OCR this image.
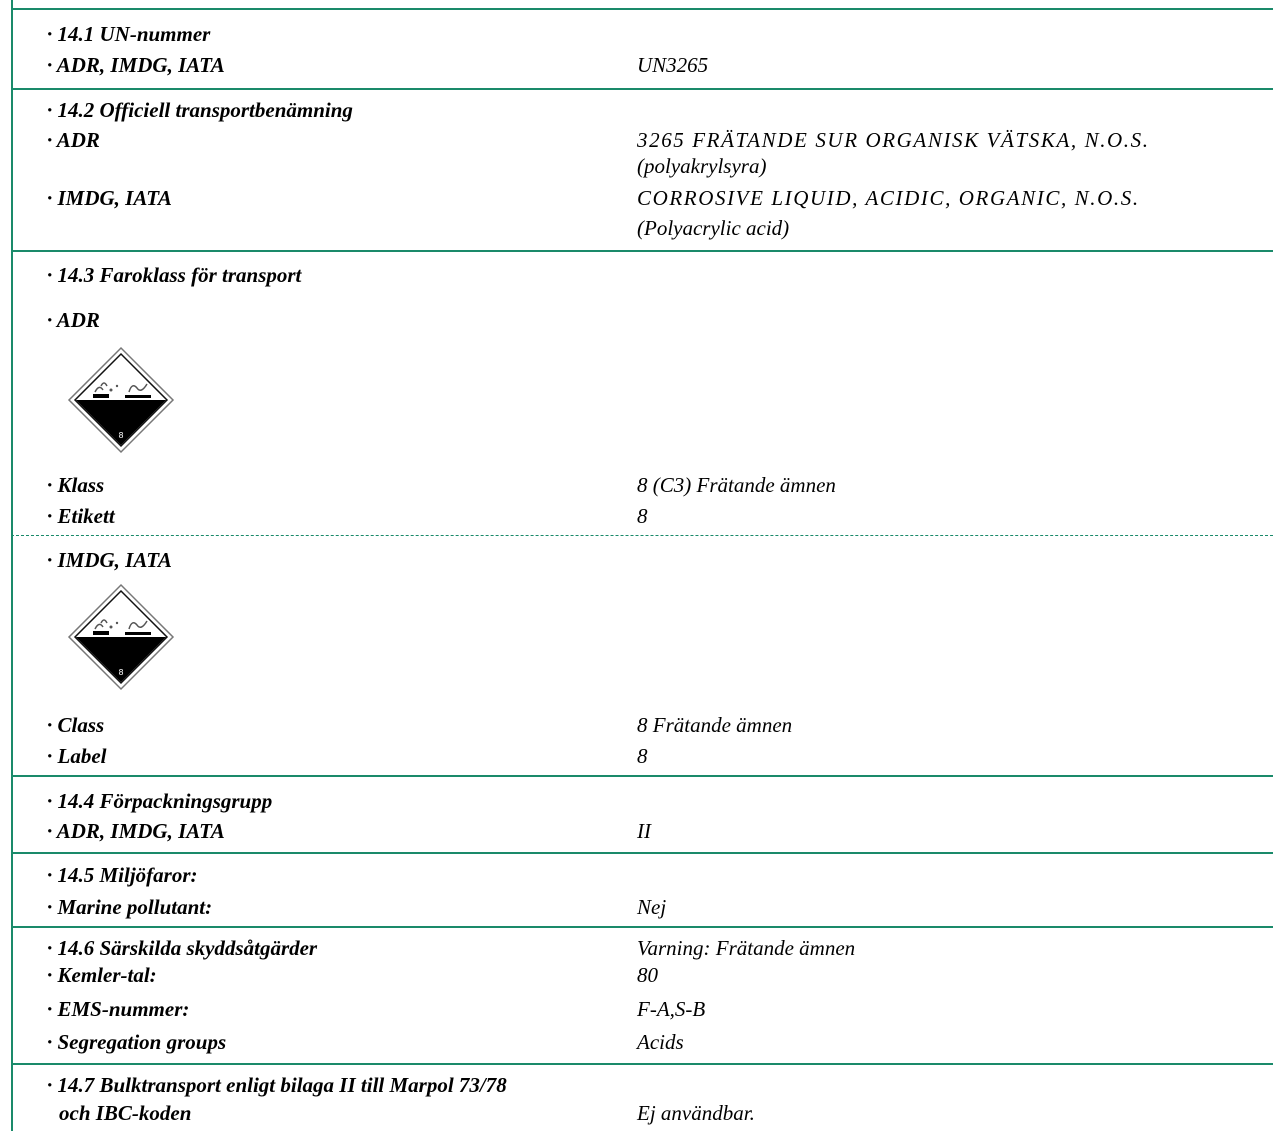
· 14.1 UN-nummer
· ADR, IMDG, IATA	UN3265
· 14.2 Officiell transportbenämning
· ADR	3265 FRÄTANDE SUR ORGANISK VÄTSKA, N.O.S.
(polyakrylsyra)
· IMDG, IATA	CORROSIVE LIQUID, ACIDIC, ORGANIC, N.O.S.
(Polyacrylic acid)
· 14.3 Faroklass för transport
· ADR
8
· Klass	8 (C3) Frätande ämnen
· Etikett	8
· IMDG, IATA
8
· Class	8 Frätande ämnen
· Label	8
· 14.4 Förpackningsgrupp
· ADR, IMDG, IATA	II
· 14.5 Miljöfaror:
· Marine pollutant:	Nej
· 14.6 Särskilda skyddsåtgärder	Varning: Frätande ämnen
· Kemler-tal:	80
· EMS-nummer:	F-A,S-B
· Segregation groups	Acids
· 14.7 Bulktransport enligt bilaga II till Marpol 73/78
och IBC-koden	Ej användbar.
